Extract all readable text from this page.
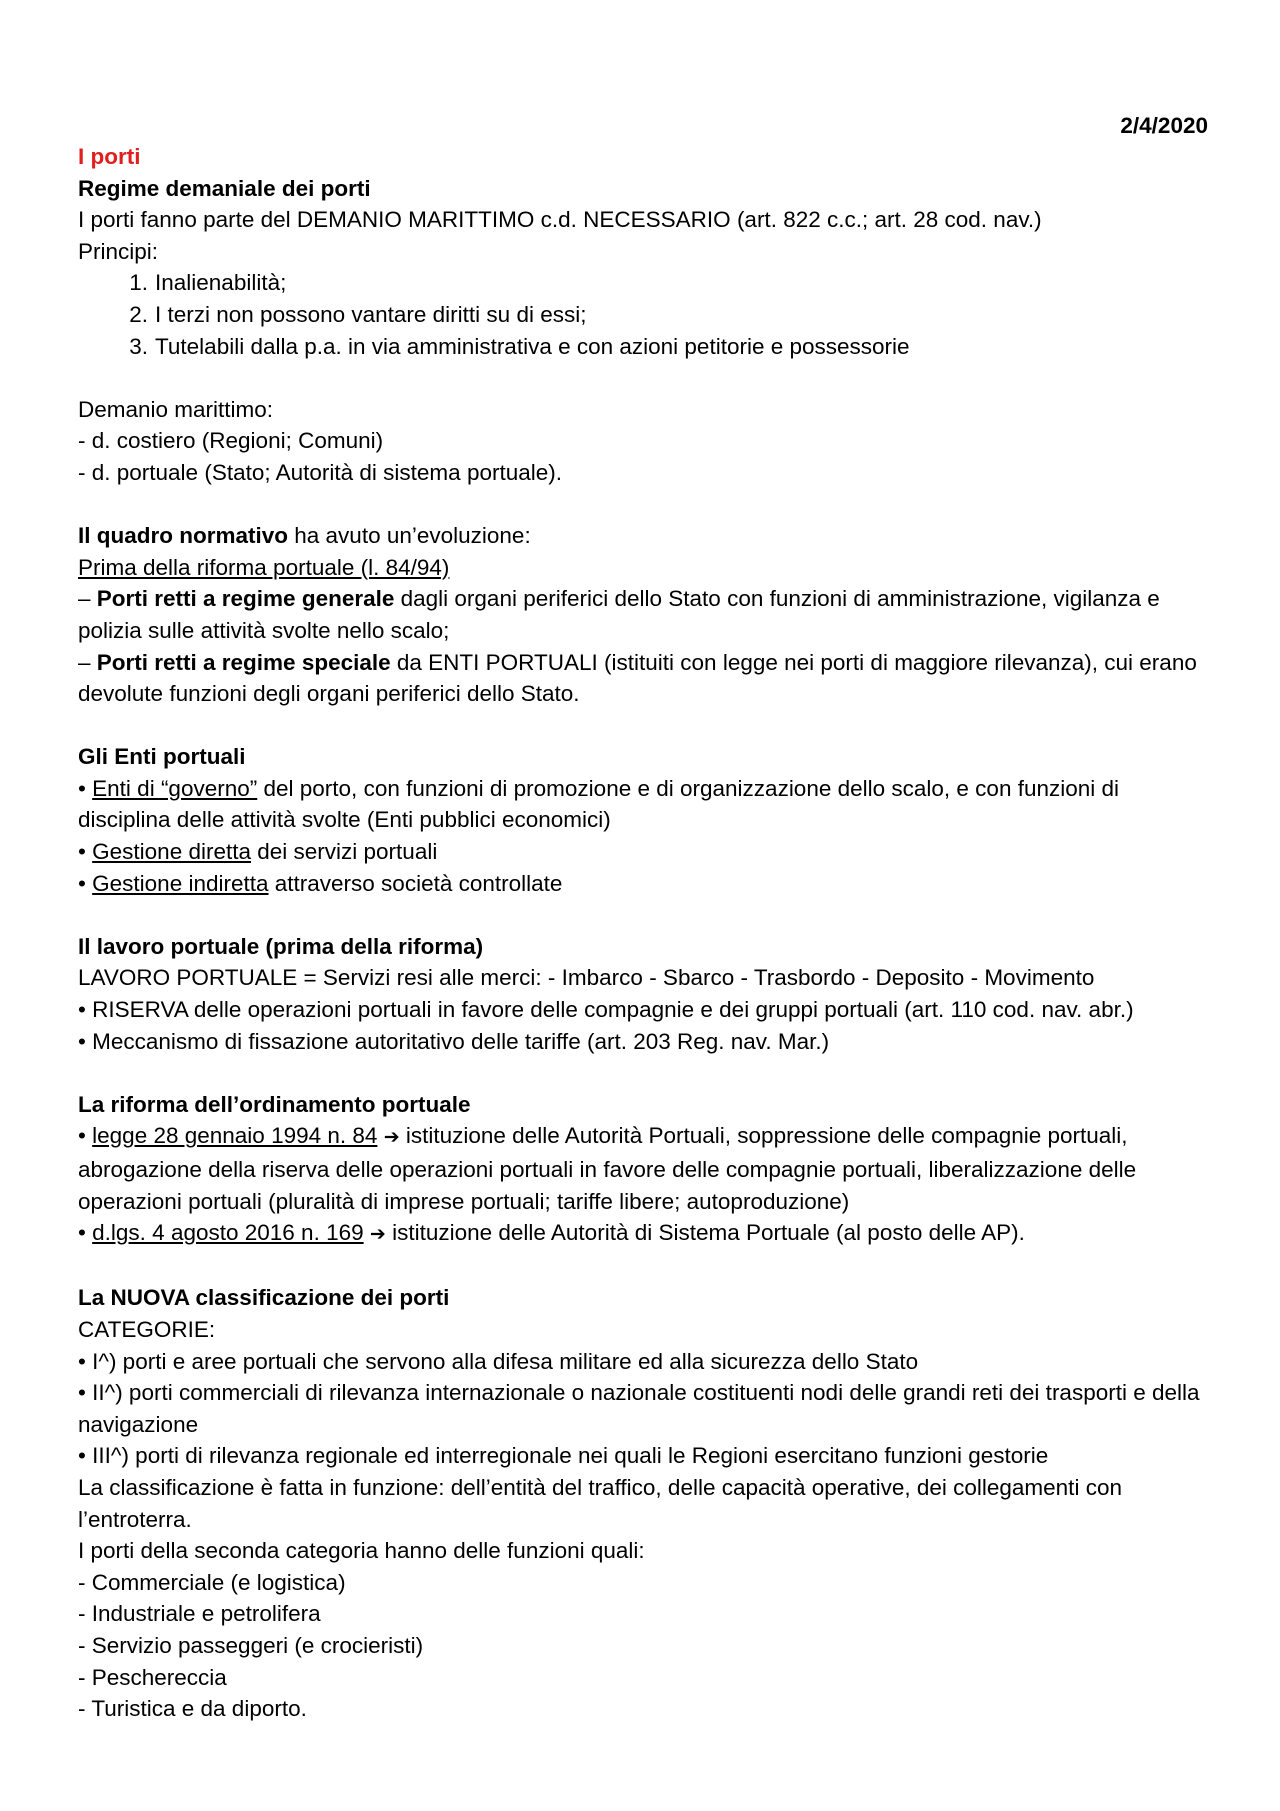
2/4/2020

I porti

Regime demaniale dei porti

I porti fanno parte del DEMANIO MARITTIMO c.d. NECESSARIO (art. 822 c.c.; art. 28 cod. nav.)

Principi:

1. Inalienabilità;
2. I terzi non possono vantare diritti su di essi;
3. Tutelabili dalla p.a. in via amministrativa e con azioni petitorie e possessorie

Demanio marittimo:

- d. costiero (Regioni; Comuni)

- d. portuale (Stato; Autorità di sistema portuale).

Il quadro normativo ha avuto un’evoluzione:

Prima della riforma portuale (l. 84/94)

– Porti retti a regime generale dagli organi periferici dello Stato con funzioni di amministrazione, vigilanza e polizia sulle attività svolte nello scalo;

– Porti retti a regime speciale da ENTI PORTUALI (istituiti con legge nei porti di maggiore rilevanza), cui erano devolute funzioni degli organi periferici dello Stato.

Gli Enti portuali

• Enti di “governo” del porto, con funzioni di promozione e di organizzazione dello scalo, e con funzioni di disciplina delle attività svolte (Enti pubblici economici)

• Gestione diretta dei servizi portuali

• Gestione indiretta attraverso società controllate

Il lavoro portuale (prima della riforma)

LAVORO PORTUALE = Servizi resi alle merci: - Imbarco - Sbarco - Trasbordo - Deposito - Movimento

• RISERVA delle operazioni portuali in favore delle compagnie e dei gruppi portuali (art. 110 cod. nav. abr.)

• Meccanismo di fissazione autoritativo delle tariffe (art. 203 Reg. nav. Mar.)

La riforma dell’ordinamento portuale

• legge 28 gennaio 1994 n. 84 ➔ istituzione delle Autorità Portuali, soppressione delle compagnie portuali, abrogazione della riserva delle operazioni portuali in favore delle compagnie portuali, liberalizzazione delle operazioni portuali (pluralità di imprese portuali; tariffe libere; autoproduzione)

• d.lgs. 4 agosto 2016 n. 169 ➔ istituzione delle Autorità di Sistema Portuale (al posto delle AP).

La NUOVA classificazione dei porti

CATEGORIE:

• I^) porti e aree portuali che servono alla difesa militare ed alla sicurezza dello Stato

• II^) porti commerciali di rilevanza internazionale o nazionale costituenti nodi delle grandi reti dei trasporti e della navigazione

• III^) porti di rilevanza regionale ed interregionale nei quali le Regioni esercitano funzioni gestorie

La classificazione è fatta in funzione: dell’entità del traffico, delle capacità operative, dei collegamenti con l’entroterra.

I porti della seconda categoria hanno delle funzioni quali:

- Commerciale (e logistica)

- Industriale e petrolifera

- Servizio passeggeri (e crocieristi)

- Peschereccia

- Turistica e da diporto.
